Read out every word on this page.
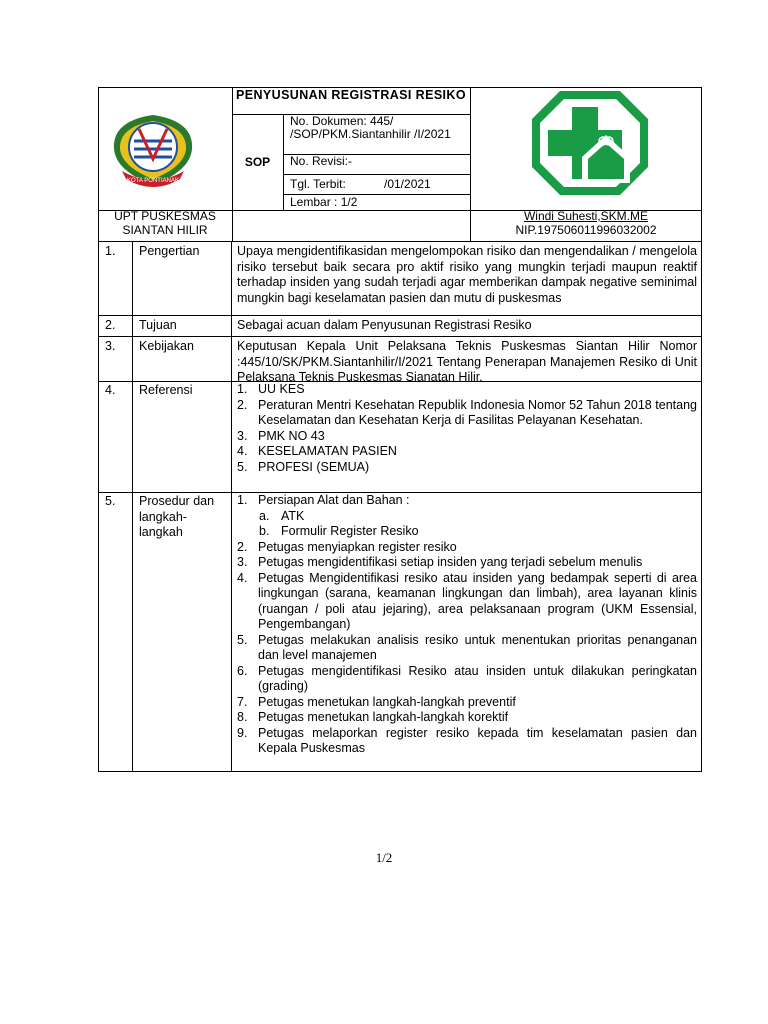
KOTA PONTIANAK
PENYUSUNAN REGISTRASI RESIKO
SOP
No. Dokumen: 445/ /SOP/PKM.Siantanhilir /I/2021
No. Revisi:-
Tgl. Terbit:	/01/2021
Lembar : 1/2
UPT PUSKESMAS
SIANTAN HILIR
Windi Suhesti,SKM.ME
NIP.197506011996032002
1. Pengertian	Upaya mengidentifikasidan mengelompokan risiko dan mengendalikan / mengelola risiko tersebut baik secara pro aktif risiko yang mungkin terjadi maupun reaktif terhadap insiden yang sudah terjadi agar memberikan dampak negative seminimal mungkin bagi keselamatan pasien dan mutu di puskesmas
2. Tujuan	Sebagai acuan dalam Penyusunan Registrasi Resiko
3. Kebijakan	Keputusan Kepala Unit Pelaksana Teknis Puskesmas Siantan Hilir Nomor :445/10/SK/PKM.Siantanhilir/I/2021 Tentang Penerapan Manajemen Resiko di Unit Pelaksana Teknis Puskesmas Sianatan Hilir.
4. Referensi	1. UU KES
2. Peraturan Mentri Kesehatan Republik Indonesia Nomor 52 Tahun 2018 tentang Keselamatan dan Kesehatan Kerja di Fasilitas Pelayanan Kesehatan.
3. PMK NO 43
4. KESELAMATAN PASIEN
5. PROFESI (SEMUA)
5. Prosedur dan langkah-langkah
1. Persiapan Alat dan Bahan :
a. ATK
b. Formulir Register Resiko
2. Petugas menyiapkan register resiko
3. Petugas mengidentifikasi setiap insiden yang terjadi sebelum menulis
4. Petugas Mengidentifikasi resiko atau insiden yang bedampak seperti di area lingkungan (sarana, keamanan lingkungan dan limbah), area layanan klinis (ruangan / poli atau jejaring), area pelaksanaan program (UKM Essensial, Pengembangan)
5. Petugas melakukan analisis resiko untuk menentukan prioritas penanganan dan level manajemen
6. Petugas mengidentifikasi Resiko atau insiden untuk dilakukan peringkatan (grading)
7. Petugas menetukan langkah-langkah preventif
8. Petugas menetukan langkah-langkah korektif
9. Petugas melaporkan register resiko kepada tim keselamatan pasien dan Kepala Puskesmas
1/2
